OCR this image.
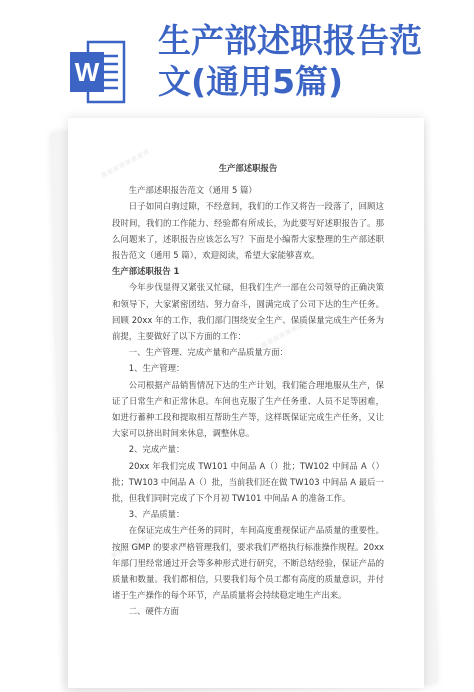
W
生产部述职报告范
文(通用5篇)
▪▪▪▪▪▪▪▪
▪▪▪▪▪▪▪▪
▪▪▪▪▪▪▪▪

生产部述职报告

生产部述职报告范文（通用 5 篇）

日子如同白驹过隙，不经意间，我们的工作又将告一段落了，回顾这段时间，我们的工作能力、经验都有所成长，为此要写好述职报告了。那么问题来了，述职报告应该怎么写？下面是小编帮大家整理的生产部述职报告范文（通用 5 篇），欢迎阅读，希望大家能够喜欢。

生产部述职报告 1

今年步伐显得又紧张又忙碌，但我们生产一部在公司领导的正确决策和领导下，大家紧密团结、努力奋斗，圆满完成了公司下达的生产任务。回顾 20xx 年的工作，我们部门围绕安全生产、保质保量完成生产任务为前提，主要做好了以下方面的工作：

一、生产管理、完成产量和产品质量方面：

1、生产管理：

公司根据产品销售情况下达的生产计划，我们能合理地服从生产，保证了日常生产和正常休息。车间也克服了生产任务重、人员不足等困难，如进行蓄种工段和提取相互帮助生产等，这样既保证完成生产任务，又让大家可以挤出时间来休息，调整休息。

2、完成产量：

20xx 年我们完成 TW101 中间品 A（）批；TW102 中间品 A（）批；TW103 中间品 A（）批，当前我们还在做 TW103 中间品 A 最后一批，但我们同时完成了下个月初 TW101 中间品 A 的准备工作。

3、产品质量：

在保证完成生产任务的同时，车间高度重视保证产品质量的重要性。按照 GMP 的要求严格管理我们，要求我们严格执行标准操作规程。20xx 年部门里经常通过开会等多种形式进行研究，不断总结经验，保证产品的质量和数量。我们都相信，只要我们每个员工都有高度的质量意识，并付诸于生产操作的每个环节，产品质量将会持续稳定地生产出来。

二、硬件方面
